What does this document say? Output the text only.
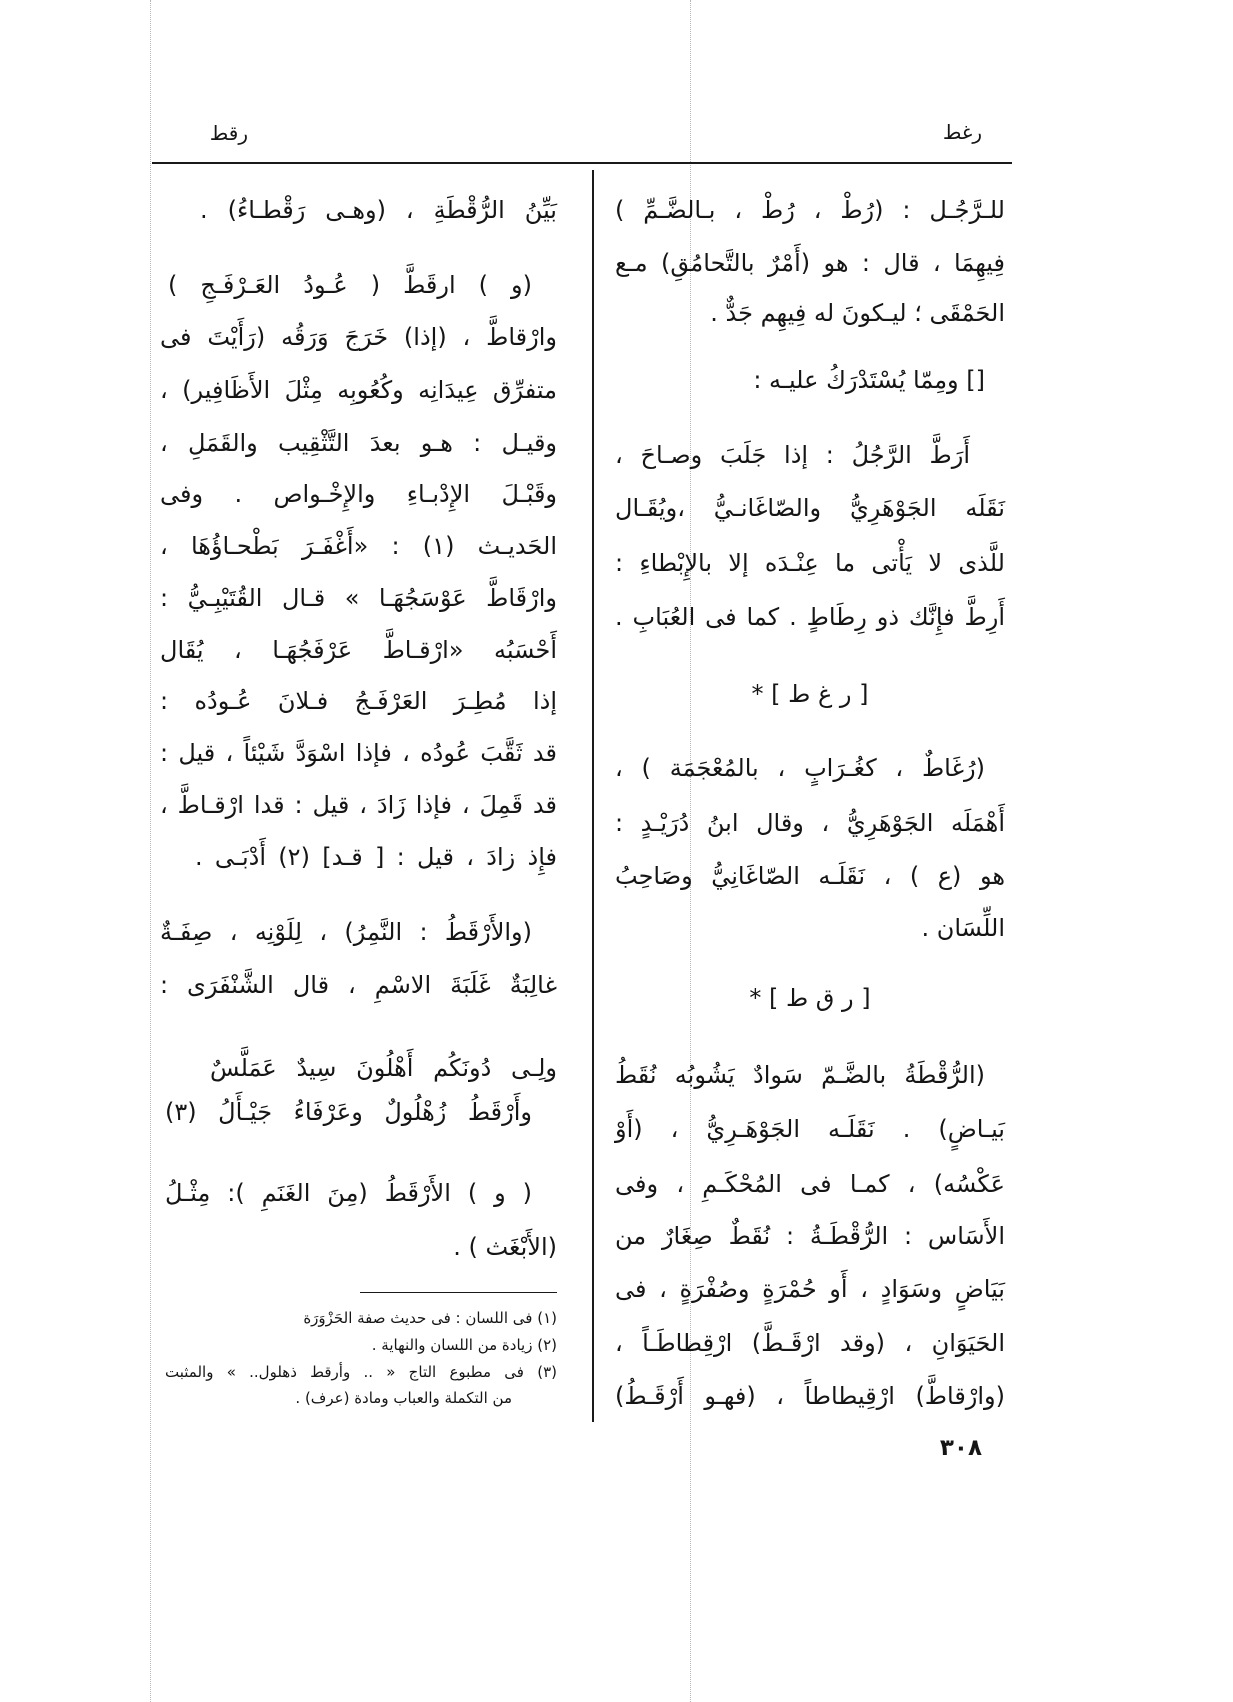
رغط
رقط
للـرَّجُـل : (رُطْ ، رُطْ ، بـالضَّـمِّ )
فِيهِمَا ، قال : هو (أَمْرٌ بالتَّحامُقِ) مـع
الحَمْقَى ؛ ليـكونَ له فِيهِم جَدٌّ .
[] ومِمّا يُسْتَدْرَكُ عليـه :
أَرَطَّ الرَّجُلُ : إذا جَلَبَ وصـاحَ ،
نَقَلَه الجَوْهَرِيُّ والصّاغَانـيُّ ،ويُقَـال
للَّذى لا يَأْتى ما عِنْـدَه إلا بالإِبْطاءِ :
أَرِطَّ فإِنَّك ذو رِطَاطٍ . كما فى العُبَابِ .
[ ر غ ط ] *
(رُغَاطٌ ، كغُـرَابٍ ، بالمُعْجَمَة ) ،
أَهْمَلَه الجَوْهَرِيُّ ، وقال ابنُ دُرَيْـدٍ :
هو (ع ) ، نَقَلَـه الصّاغَانِيُّ وصَاحِبُ
اللِّسَان .
[ ر ق ط ] *
(الرُّقْطَةُ بالضَّـمّ سَوادٌ يَشُوبُه نُقَطُ
بَيـاضٍ) . نَقَلَـه الجَوْهَـرِيُّ ، (أَوْ
عَكْسُه) ، كمـا فى المُحْكَـمِ ، وفى
الأَسَاس : الرُّقْطَـةُ : نُقَطٌ صِغَارٌ من
بَيَاضٍ وسَوَادٍ ، أَو حُمْرَةٍ وصُفْرَةٍ ، فى
الحَيَوَانِ ، (وقد ارْقَـطَّ) ارْقِطاطَـاً ،
(وارْقاطَّ) ارْقِيطاطاً ، (فهـو أَرْقَـطُ)
بَيِّنُ الرُّقْطَةِ ، (وهـى رَقْطـاءُ) .
(و ) ارقَطَّ ( عُـودُ العَـرْفَـجِ )
وارْقاطَّ ، (إذا) خَرَجَ وَرَقُه (رَأَيْتَ فى
متفرِّق عِيدَانِه وكُعُوبِه مِثْلَ الأَظَافِير) ،
وقيـل : هـو بعدَ التَّثْقِيب والقَمَلِ ،
وقَبْـلَ الإِدْبـاءِ والإِخْـواص . وفى
الحَديـث (١) : «أَغْفَـرَ بَطْحـاؤُهَا ،
وارْقَاطَّ عَوْسَجُهَـا » قـال القُتَيْبِـيُّ :
أَحْسَبُه «ارْقـاطَّ عَرْفَجُهَـا ، يُقَال
إذا مُطِـرَ العَرْفَـجُ فـلانَ عُـودُه :
قد ثَقَّبَ عُودُه ، فإذا اسْوَدَّ شَيْئاً ، قيل :
قد قَمِلَ ، فإذا زَادَ ، قيل : قدا ارْقـاطَّ ،
فإِذ زادَ ، قيل : [ قـد] (٢) أَدْبَـى .
(والأَرْقَطُ : النَّمِرُ) ، لِلَوْنِه ، صِفَـةٌ
غالِبَةٌ غَلَبَةَ الاسْمِ ، قال الشَّنْفَرَى :
ولِـى دُونَكُم أَهْلُونَ سِيدٌ عَمَلَّسٌ
وأَرْقَطُ زُهْلُولٌ وعَرْفَاءُ جَيْـأَلُ (٣)
( و ) الأَرْقَطُ (مِنَ الغَنَمِ ): مِثْـلُ
(الأَبْغَث ) .
(١) فى اللسان : فى حديث صفة الحَزْوَرَة
(٢) زيادة من اللسان والنهاية .
(٣) فى مطبوع التاج « .. وأرقط ذهلول.. » والمثبت
من التكملة والعباب ومادة (عرف) .
٣٠٨
